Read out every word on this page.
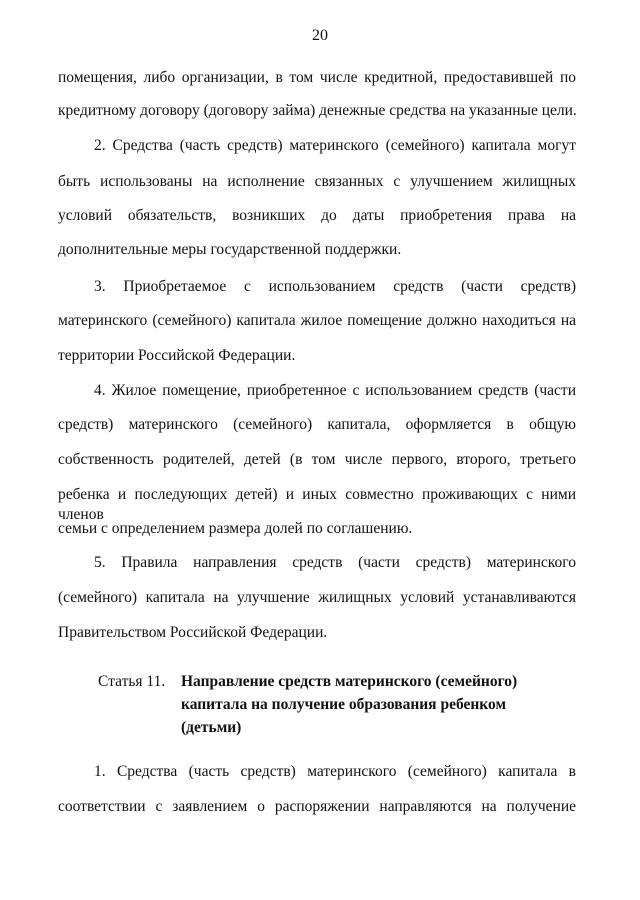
20
помещения, либо организации, в том числе кредитной, предоставившей по
кредитному договору (договору займа) денежные средства на указанные цели.
2. Средства (часть средств) материнского (семейного) капитала могут
быть использованы на исполнение связанных с улучшением жилищных
условий обязательств, возникших до даты приобретения права на
дополнительные меры государственной поддержки.
3. Приобретаемое с использованием средств (части средств)
материнского (семейного) капитала жилое помещение должно находиться на
территории Российской Федерации.
4. Жилое помещение, приобретенное с использованием средств (части
средств) материнского (семейного) капитала, оформляется в общую
собственность родителей, детей (в том числе первого, второго, третьего
ребенка и последующих детей) и иных совместно проживающих с ними членов
семьи с определением размера долей по соглашению.
5. Правила направления средств (части средств) материнского
(семейного) капитала на улучшение жилищных условий устанавливаются
Правительством Российской Федерации.
Статья 11. Направление средств материнского (семейного)
капитала на получение образования ребенком
(детьми)
1. Средства (часть средств) материнского (семейного) капитала в
соответствии с заявлением о распоряжении направляются на получение
